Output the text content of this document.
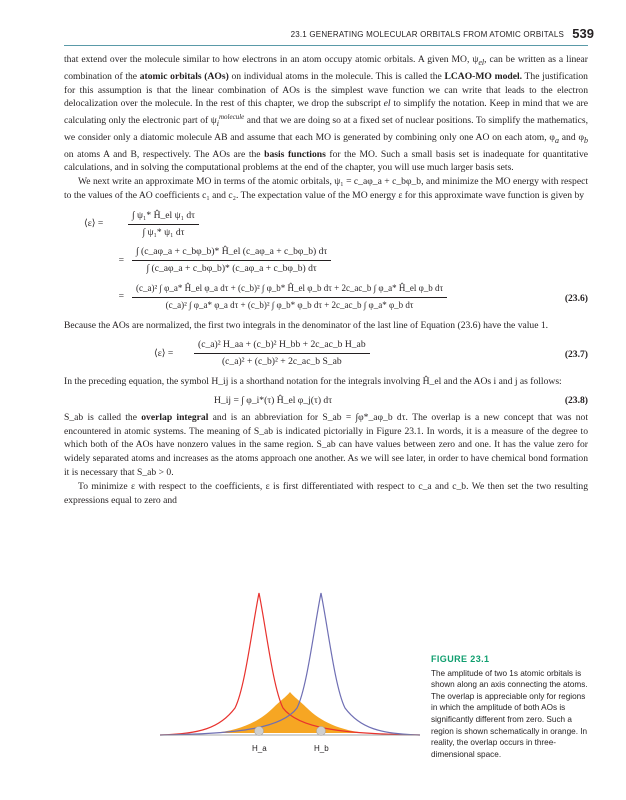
23.1 GENERATING MOLECULAR ORBITALS FROM ATOMIC ORBITALS 539

that extend over the molecule similar to how electrons in an atom occupy atomic orbitals. A given MO, $\psi_{el}$, can be written as a linear combination of the atomic orbitals (AOs) on individual atoms in the molecule. This is called the LCAO-MO model. The justification for this assumption is that the linear combination of AOs is the simplest wave function we can write that leads to the electron delocalization over the molecule. In the rest of this chapter, we drop the subscript el to simplify the notation. Keep in mind that we are calculating only the electronic part of $\psi_i^{molecule}$ and that we are doing so at a fixed set of nuclear positions. To simplify the mathematics, we consider only a diatomic molecule AB and assume that each MO is generated by combining only one AO on each atom, $\varphi_a$ and $\varphi_b$ on atoms A and B, respectively. The AOs are the basis functions for the MO. Such a small basis set is inadequate for quantitative calculations, and in solving the computational problems at the end of the chapter, you will use much larger basis sets.

We next write an approximate MO in terms of the atomic orbitals, ψ₁ = c_aφ_a + c_bφ_b, and minimize the MO energy with respect to the values of the AO coefficients c₁ and c₂. The expectation value of the MO energy ε for this approximate wave function is given by

⟨ε⟩ =	$\frac{\text{∫ ψ₁* Ĥ\_el ψ₁ dτ}}{\text{∫ ψ₁* ψ₁ dτ}}$
= $\frac{\int (c\_a\varphi\_a + c\_b\varphi\_b)* Ĥ\_el (c\_a\varphi\_a + c\_b\varphi\_b) d\tau}{\int (c\_a\varphi\_a + c\_b\varphi\_b)* (c\_a\varphi\_a + c\_b\varphi\_b) d\tau}$
=
(c_a)² ∫ φ_a* Ĥ_el φ_a dτ + (c_b)² ∫ φ_b* Ĥ_el φ_b dτ + 2c_ac_b ∫ φ_a* Ĥ_el φ_b dτ
(c_a)² ∫ φ_a* φ_a dτ + (c_b)² ∫ φ_b* φ_b dτ + 2c_ac_b ∫ φ_a* φ_b dτ
(23.6)

Because the AOs are normalized, the first two integrals in the denominator of the last line of Equation (23.6) have the value 1.

⟨ε⟩ =	$\frac{\text{(c\_a)² H\_aa + (c\_b)² H\_bb + 2c\_ac\_b H\_ab}}{\text{(c\_a)² + (c\_b)² + 2c\_ac\_b S\_ab}}$	(23.7)

In the preceding equation, the symbol H_ij is a shorthand notation for the integrals involving Ĥ_el and the AOs i and j as follows:

H_ij = ∫ φ_i*(τ) Ĥ_el φ_j(τ) dτ	(23.8)

S_ab is called the overlap integral and is an abbreviation for S_ab = ∫φ*_aφ_b dτ. The overlap is a new concept that was not encountered in atomic systems. The meaning of S_ab is indicated pictorially in Figure 23.1. In words, it is a measure of the degree to which both of the AOs have nonzero values in the same region. S_ab can have values between zero and one. It has the value zero for widely separated atoms and increases as the atoms approach one another. As we will see later, in order to have chemical bond formation it is necessary that S_ab > 0.

To minimize ε with respect to the coefficients, ε is first differentiated with respect to c_a and c_b. We then set the two resulting expressions equal to zero and

H_a	H_b
FIGURE 23.1
The amplitude of two 1s atomic orbitals is shown along an axis connecting the atoms. The overlap is appreciable only for regions in which the amplitude of both AOs is significantly different from zero. Such a region is shown schematically in orange. In reality, the overlap occurs in three-dimensional space.
